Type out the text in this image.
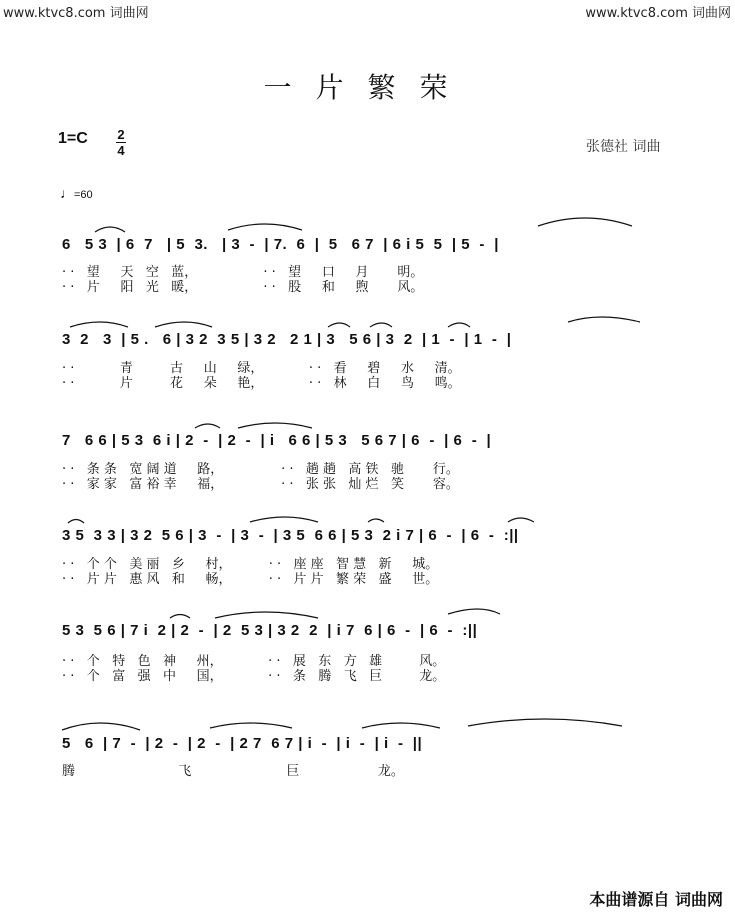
www.ktvc8.com 词曲网	www.ktvc8.com 词曲网
一片繁荣
1=C 2
4	张德社 词曲
♩=60
6   5 3  | 6  7   | 5  3.   | 3  -  | 7.  6  |  5   6 7  | 6 i 5  5  | 5  -  |
· ·   望     天   空   蓝，                · ·   望     口     月       明。
· ·   片     阳   光   暖，                · ·   股     和     煦       风。
3  2   3  | 5 .   6 | 3 2  3 5 | 3 2   2 1 | 3   5 6 | 3  2  | 1  -  | 1  -  |
· ·           青         古     山     绿，           · ·   看     碧     水     清。
· ·           片         花     朵     艳，           · ·   林     白     鸟     鸣。
7   6 6 | 5 3  6 i | 2  -  | 2  -  | i   6 6 | 5 3   5 6 7 | 6  -  | 6  -  |
· ·   条 条   宽 阔 道     路，              · ·   趟 趟   高 铁   驰       行。
· ·   家 家   富 裕 幸     福，              · ·   张 张   灿 烂   笑       容。
3 5  3 3 | 3 2  5 6 | 3  -  | 3  -  | 3 5  6 6 | 5 3  2 i 7 | 6  -  | 6  -  :||
· ·   个 个   美 丽   乡     村，         · ·   座 座   智 慧   新     城。
· ·   片 片   惠 风   和     畅，         · ·   片 片   繁 荣   盛     世。
5 3  5 6 | 7 i  2 | 2  -  | 2  5 3 | 3 2  2  | i 7  6 | 6  -  | 6  -  :||
· ·   个   特   色   神     州，           · ·   展   东   方   雄         风。
· ·   个   富   强   中     国，           · ·   条   腾   飞   巨         龙。
5   6  | 7  -  | 2  -  | 2  -  | 2 7  6 7 | i  -  | i  -  | i  -  ||
腾                         飞                       巨                   龙。
本曲谱源自 词曲网
